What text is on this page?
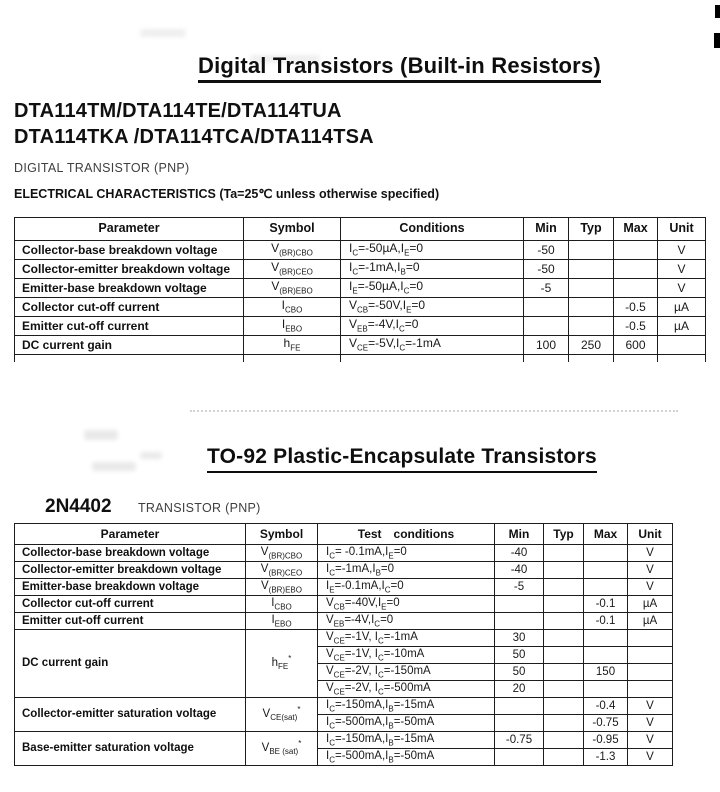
Digital Transistors (Built-in Resistors)
DTA114TM/DTA114TE/DTA114TUA
DTA114TKA /DTA114TCA/DTA114TSA
DIGITAL TRANSISTOR (PNP)
ELECTRICAL CHARACTERISTICS (Ta=25℃ unless otherwise specified)
Parameter	Symbol	Conditions	Min	Typ	Max	Unit
Collector-base breakdown voltage	$V_{(BR)CBO}$	$I_C=-50\mu A,I_E=0$	-50			V
Collector-emitter breakdown voltage	$V_{(BR)CEO}$	$I_C=-1mA,I_B=0$	-50			V
Emitter-base breakdown voltage	$V_{(BR)EBO}$	$I_E=-50\mu A,I_C=0$	-5			V
Collector cut-off current	$I_{CBO}$	$V_{CB}=-50V,I_E=0$			-0.5	µA
Emitter cut-off current	$I_{EBO}$	$V_{EB}=-4V,I_C=0$			-0.5	µA
DC current gain	$h_{FE}$	$V_{CE}=-5V,I_C=-1mA$	100	250	600	

TO-92 Plastic-Encapsulate Transistors
2N4402 TRANSISTOR (PNP)
Parameter	Symbol	Test conditions	Min	Typ	Max	Unit
Collector-base breakdown voltage	$V_{(BR)CBO}$	$I_C= -0.1mA,I_E=0$	-40			V
Collector-emitter breakdown voltage	$V_{(BR)CEO}$	$I_C=-1mA,I_B=0$	-40			V
Emitter-base breakdown voltage	$V_{(BR)EBO}$	$I_E=-0.1mA,I_C=0$	-5			V
Collector cut-off current	$I_{CBO}$	$V_{CB}=-40V,I_E=0$			-0.1	µA
Emitter cut-off current	$I_{EBO}$	$V_{EB}=-4V,I_C=0$			-0.1	µA
DC current gain	$h_{FE}^*$	$V_{CE}=-1V$, $I_C=-1mA$	30			
		$V_{CE}=-1V$, $I_C=-10mA$	50			
		$V_{CE}=-2V$, $I_C=-150mA$	50		150	
		$V_{CE}=-2V$, $I_C=-500mA$	20			
Collector-emitter saturation voltage	$V_{CE(sat)}^*$	$I_C=-150mA,I_B=-15mA$			-0.4	V
		$I_C=-500mA,I_B=-50mA$			-0.75	V
Base-emitter saturation voltage	$V_{BE (sat)}^*$	$I_C=-150mA,I_B=-15mA$	-0.75		-0.95	V
		$I_C=-500mA,I_B=-50mA$			-1.3	V
